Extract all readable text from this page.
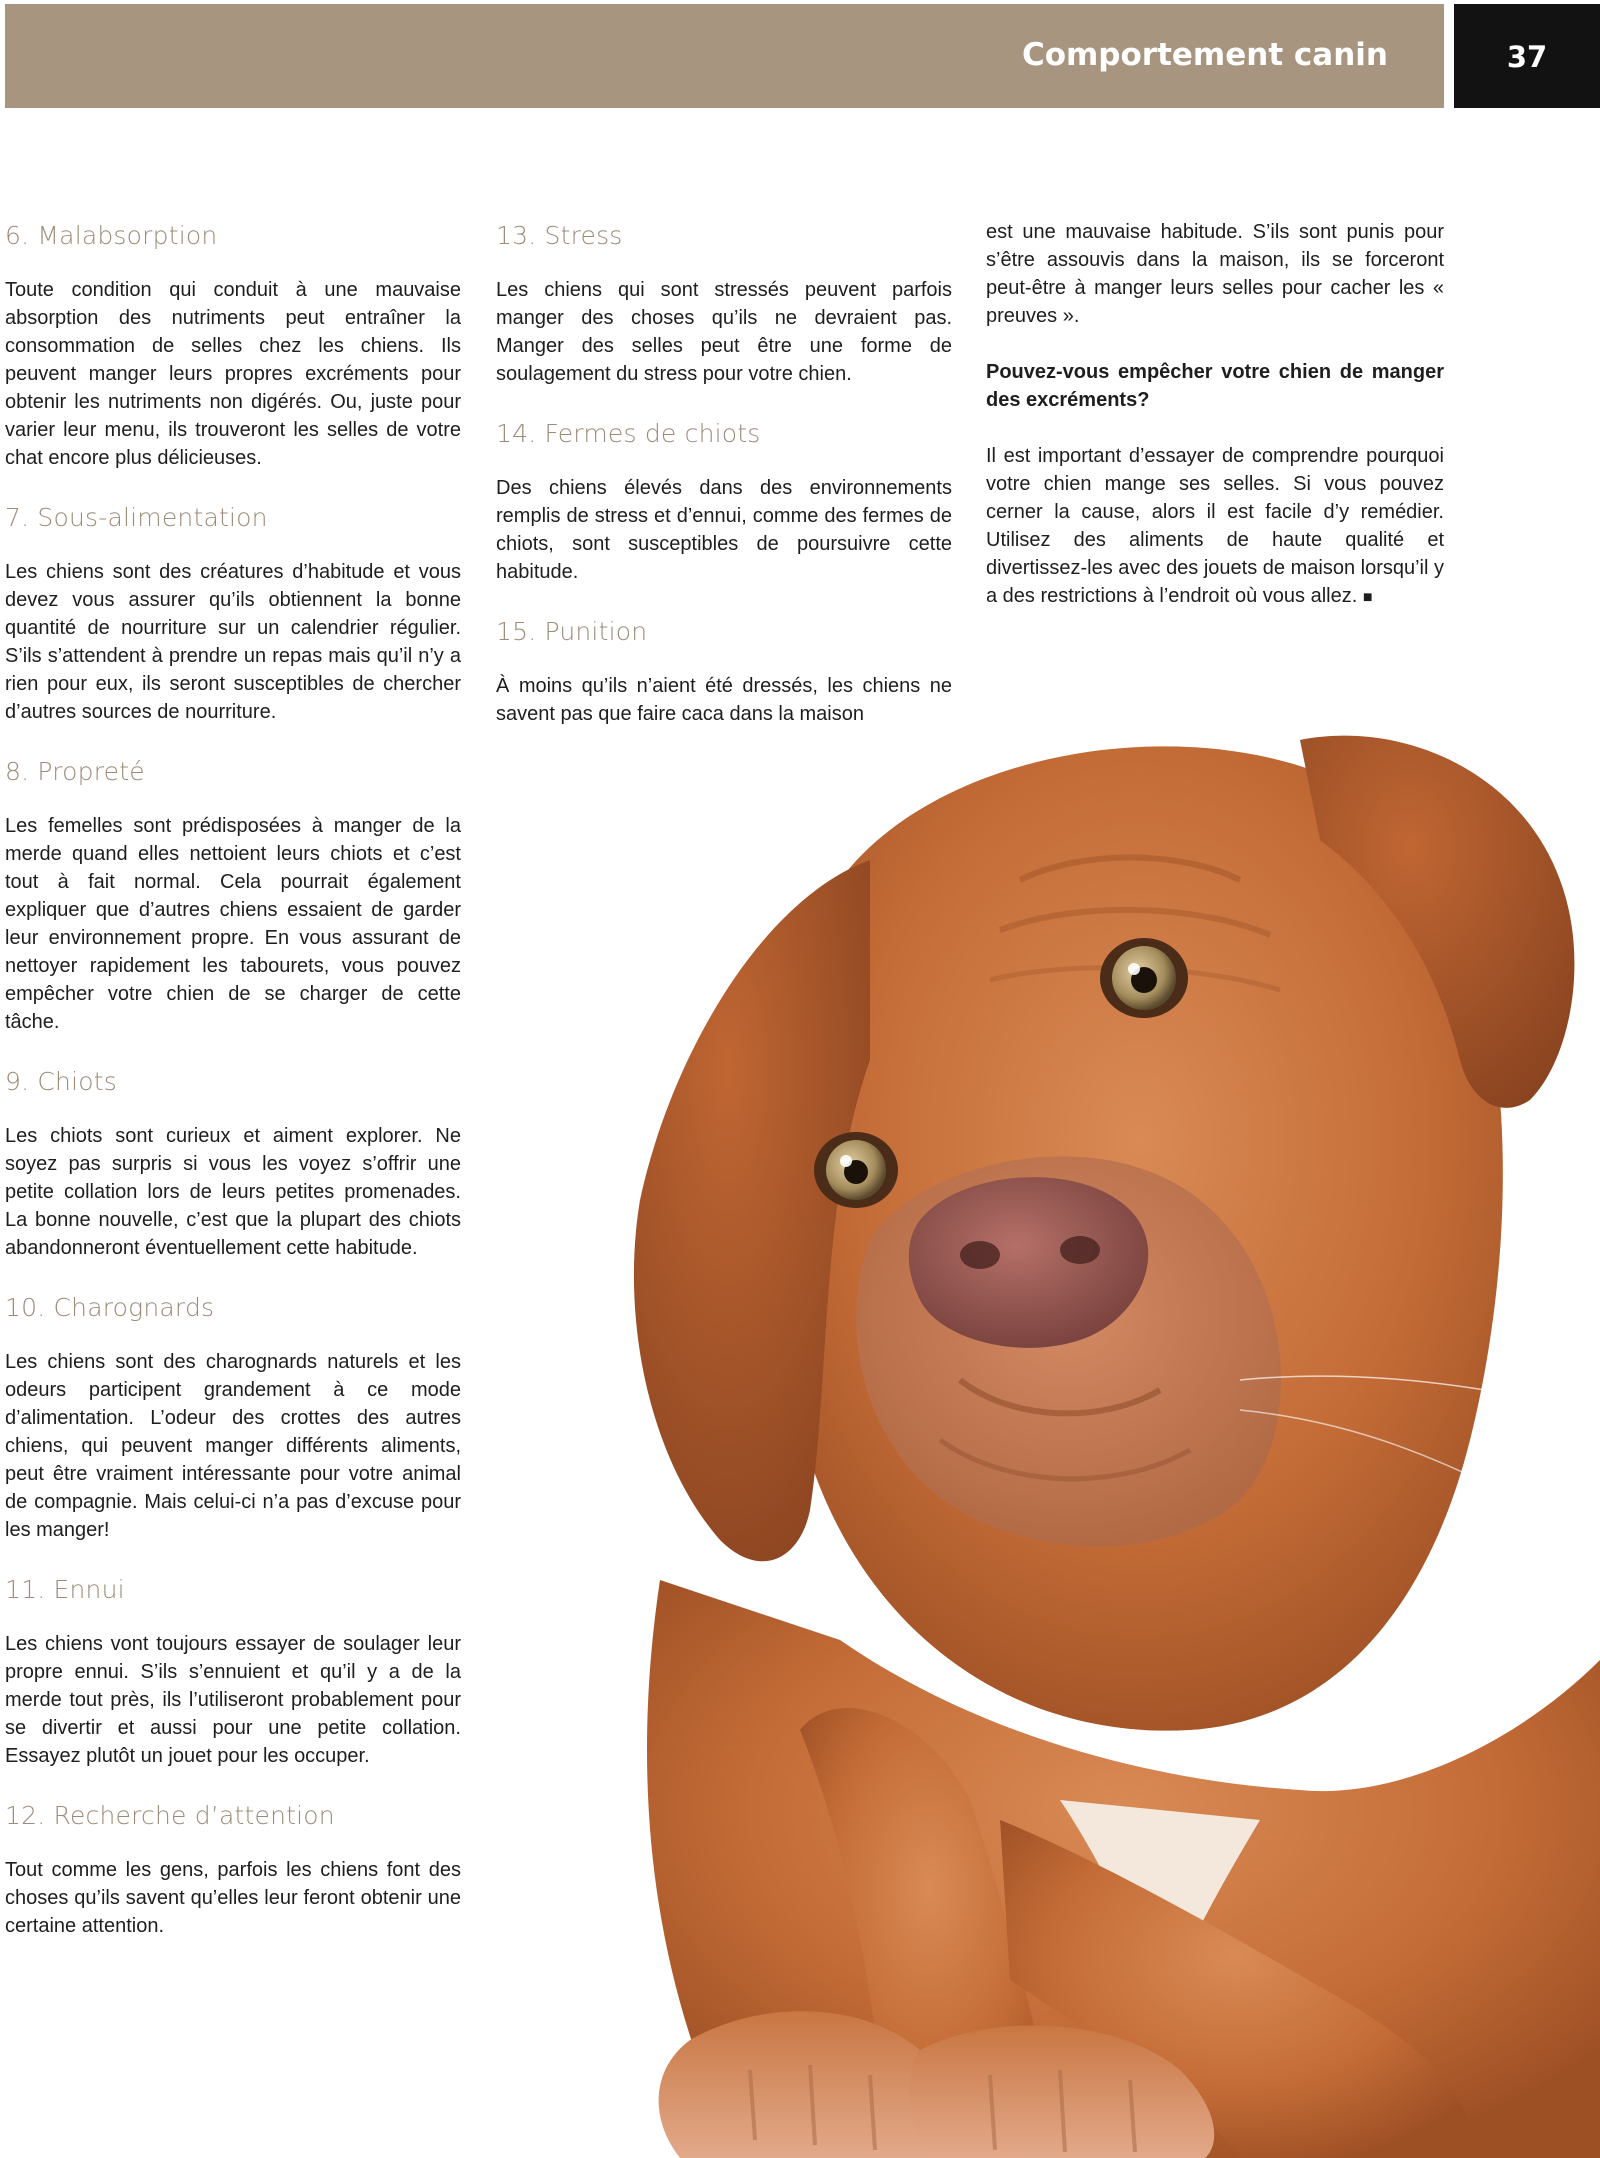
Comportement canin	37
6. Malabsorption

Toute condition qui conduit à une mauvaise absorption des nutriments peut entraîner la consommation de selles chez les chiens. Ils peuvent manger leurs propres excréments pour obtenir les nutriments non digérés. Ou, juste pour varier leur menu, ils trouveront les selles de votre chat encore plus délicieuses.

7. Sous-alimentation

Les chiens sont des créatures d’habitude et vous devez vous assurer qu’ils obtiennent la bonne quantité de nourriture sur un calendrier régulier. S’ils s’attendent à prendre un repas mais qu’il n’y a rien pour eux, ils seront susceptibles de chercher d’autres sources de nourriture.

8. Propreté

Les femelles sont prédisposées à manger de la merde quand elles nettoient leurs chiots et c’est tout à fait normal. Cela pourrait également expliquer que d’autres chiens essaient de garder leur environnement propre. En vous assurant de nettoyer rapidement les tabourets, vous pouvez empêcher votre chien de se charger de cette tâche.

9. Chiots

Les chiots sont curieux et aiment explorer. Ne soyez pas surpris si vous les voyez s’offrir une petite collation lors de leurs petites promenades. La bonne nouvelle, c’est que la plupart des chiots abandonneront éventuellement cette habitude.

10. Charognards

Les chiens sont des charognards naturels et les odeurs participent grandement à ce mode d’alimentation. L’odeur des crottes des autres chiens, qui peuvent manger différents aliments, peut être vraiment intéressante pour votre animal de compagnie. Mais celui-ci n’a pas d’excuse pour les manger!

11. Ennui

Les chiens vont toujours essayer de soulager leur propre ennui. S’ils s’ennuient et qu’il y a de la merde tout près, ils l’utiliseront probablement pour se divertir et aussi pour une petite collation. Essayez plutôt un jouet pour les occuper.

12. Recherche d’attention

Tout comme les gens, parfois les chiens font des choses qu’ils savent qu’elles leur feront obtenir une certaine attention.

13. Stress

Les chiens qui sont stressés peuvent parfois manger des choses qu’ils ne devraient pas. Manger des selles peut être une forme de soulagement du stress pour votre chien.

14. Fermes de chiots

Des chiens élevés dans des environnements remplis de stress et d’ennui, comme des fermes de chiots, sont susceptibles de poursuivre cette habitude.

15. Punition

À moins qu’ils n’aient été dressés, les chiens ne savent pas que faire caca dans la maison

est une mauvaise habitude. S’ils sont punis pour s’être assouvis dans la maison, ils se forceront peut-être à manger leurs selles pour cacher les « preuves ».

Pouvez-vous empêcher votre chien de manger des excréments?

Il est important d’essayer de comprendre pourquoi votre chien mange ses selles. Si vous pouvez cerner la cause, alors il est facile d’y remédier. Utilisez des aliments de haute qualité et divertissez-les avec des jouets de maison lorsqu’il y a des restrictions à l’endroit où vous allez. ■
